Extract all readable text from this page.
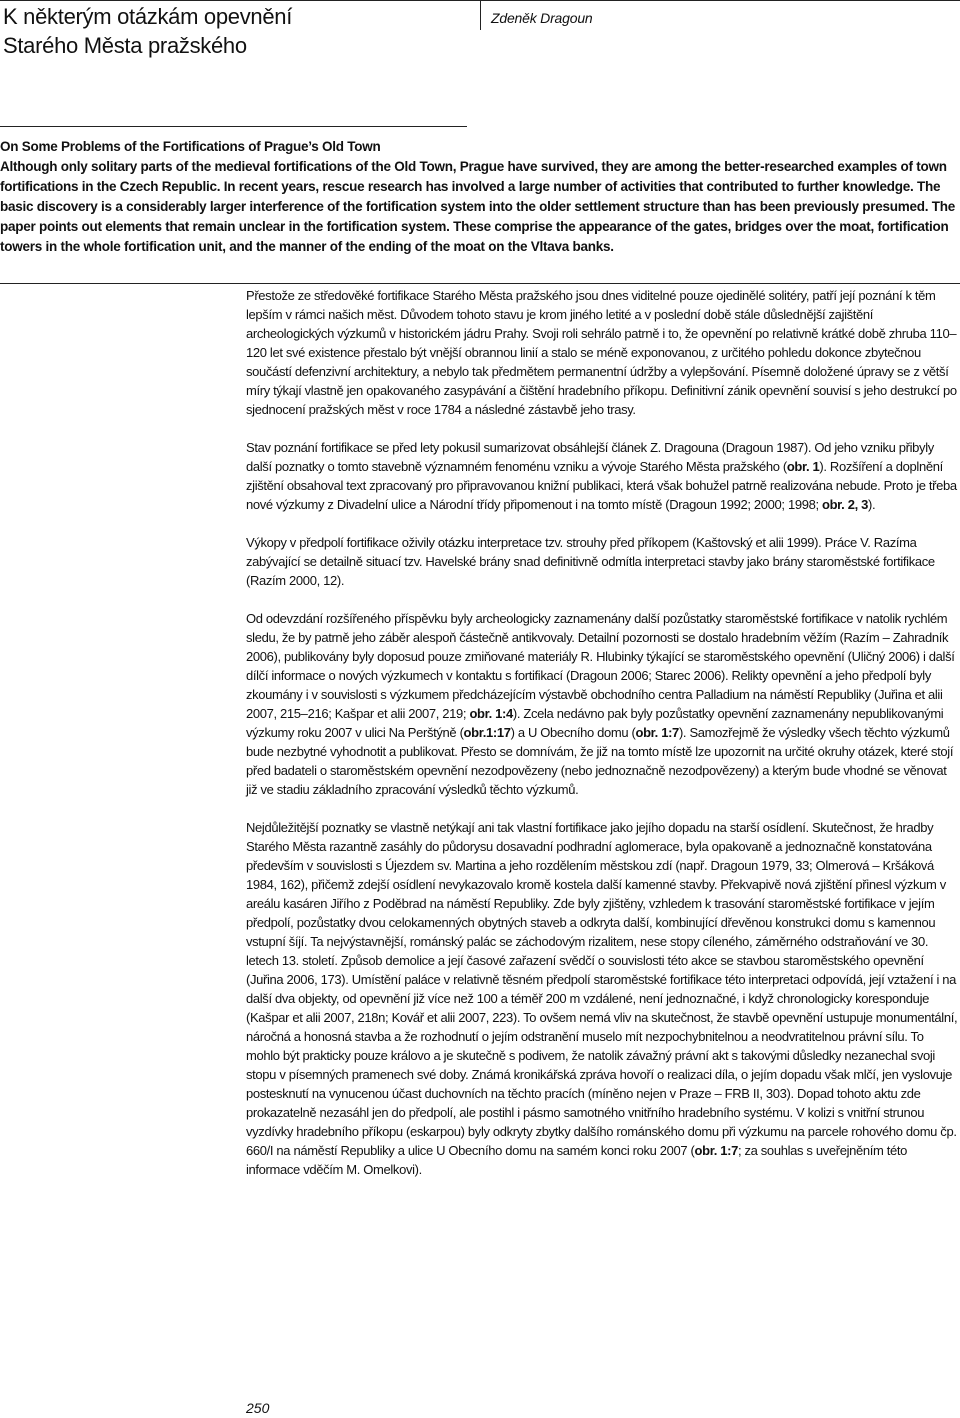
K některým otázkám opevnění
Starého Města pražského
Zdeněk Dragoun
On Some Problems of the Fortifications of Prague’s Old Town
Although only solitary parts of the medieval fortifications of the Old Town, Prague have survived, they are among the better-researched examples of town fortifications in the Czech Republic. In recent years, rescue research has involved a large number of activities that contributed to further knowledge. The basic discovery is a considerably larger interference of the fortification system into the older settlement structure than has been previously presumed. The paper points out elements that remain unclear in the fortification system. These comprise the appearance of the gates, bridges over the moat, fortification towers in the whole fortification unit, and the manner of the ending of the moat on the Vltava banks.

Přestože ze středověké fortifikace Starého Města pražského jsou dnes viditelné pouze ojedinělé solitéry, patří její poznání k těm lepším v rámci našich měst. Důvodem tohoto stavu je krom jiného letité a v poslední době stále důslednější zajištění archeologických výzkumů v historickém jádru Prahy. Svoji roli sehrálo patrně i to, že opevnění po relativně krátké době zhruba 110–120 let své existence přestalo být vnější obrannou linií a stalo se méně exponovanou, z určitého pohledu dokonce zbytečnou součástí defenzivní architektury, a nebylo tak předmětem permanentní údržby a vylepšování. Písemně doložené úpravy se z větší míry týkají vlastně jen opakovaného zasypávání a čištění hradebního příkopu. Definitivní zánik opevnění souvisí s jeho destrukcí po sjednocení pražských měst v roce 1784 a následné zástavbě jeho trasy.

Stav poznání fortifikace se před lety pokusil sumarizovat obsáhlejší článek Z. Dragouna (Dragoun 1987). Od jeho vzniku přibyly další poznatky o tomto stavebně významném fenoménu vzniku a vývoje Starého Města pražského (obr. 1). Rozšíření a doplnění zjištění obsahoval text zpracovaný pro připravovanou knižní publikaci, která však bohužel patrně realizována nebude. Proto je třeba nové výzkumy z Divadelní ulice a Národní třídy připomenout i na tomto místě (Dragoun 1992; 2000; 1998; obr. 2, 3).

Výkopy v předpolí fortifikace oživily otázku interpretace tzv. strouhy před příkopem (Kaštovský et alii 1999). Práce V. Razíma zabývající se detailně situací tzv. Havelské brány snad definitivně odmítla interpretaci stavby jako brány staroměstské fortifikace (Razím 2000, 12).

Od odevzdání rozšířeného příspěvku byly archeologicky zaznamenány další pozůstatky staroměstské fortifikace v natolik rychlém sledu, že by patrně jeho záběr alespoň částečně antikvovaly. Detailní pozornosti se dostalo hradebním věžím (Razím – Zahradník 2006), publikovány byly doposud pouze zmiňované materiály R. Hlubinky týkající se staroměstského opevnění (Uličný 2006) i další dílčí informace o nových výzkumech v kontaktu s fortifikací (Dragoun 2006; Starec 2006). Relikty opevnění a jeho předpolí byly zkoumány i v souvislosti s výzkumem předcházejícím výstavbě obchodního centra Palladium na náměstí Republiky (Juřina et alii 2007, 215–216; Kašpar et alii 2007, 219; obr. 1:4). Zcela nedávno pak byly pozůstatky opevnění zaznamenány nepublikovanými výzkumy roku 2007 v ulici Na Perštýně (obr.1:17) a U Obecního domu (obr. 1:7). Samozřejmě že výsledky všech těchto výzkumů bude nezbytné vyhodnotit a publikovat. Přesto se domnívám, že již na tomto místě lze upozornit na určité okruhy otázek, které stojí před badateli o staroměstském opevnění nezodpovězeny (nebo jednoznačně nezodpovězeny) a kterým bude vhodné se věnovat již ve stadiu základního zpracování výsledků těchto výzkumů.

Nejdůležitější poznatky se vlastně netýkají ani tak vlastní fortifikace jako jejího dopadu na starší osídlení. Skutečnost, že hradby Starého Města razantně zasáhly do půdorysu dosavadní podhradní aglomerace, byla opakovaně a jednoznačně konstatována především v souvislosti s Újezdem sv. Martina a jeho rozdělením městskou zdí (např. Dragoun 1979, 33; Olmerová – Kršáková 1984, 162), přičemž zdejší osídlení nevykazovalo kromě kostela další kamenné stavby. Překvapivě nová zjištění přinesl výzkum v areálu kasáren Jiřího z Poděbrad na náměstí Republiky. Zde byly zjištěny, vzhledem k trasování staroměstské fortifikace v jejím předpolí, pozůstatky dvou celokamenných obytných staveb a odkryta další, kombinující dřevěnou konstrukci domu s kamennou vstupní šíjí. Ta nejvýstavnější, románský palác se záchodovým rizalitem, nese stopy cíleného, záměrného odstraňování ve 30. letech 13. století. Způsob demolice a její časové zařazení svědčí o souvislosti této akce se stavbou staroměstského opevnění (Juřina 2006, 173). Umístění paláce v relativně těsném předpolí staroměstské fortifikace této interpretaci odpovídá, její vztažení i na další dva objekty, od opevnění již více než 100 a téměř 200 m vzdálené, není jednoznačné, i když chronologicky koresponduje (Kašpar et alii 2007, 218n; Kovář et alii 2007, 223). To ovšem nemá vliv na skutečnost, že stavbě opevnění ustupuje monumentální, náročná a honosná stavba a že rozhodnutí o jejím odstranění muselo mít nezpochybnitelnou a neodvratitelnou právní sílu. To mohlo být prakticky pouze královo a je skutečně s podivem, že natolik závažný právní akt s takovými důsledky nezanechal svoji stopu v písemných pramenech své doby. Známá kronikářská zpráva hovoří o realizaci díla, o jejím dopadu však mlčí, jen vyslovuje postesknutí na vynucenou účast duchovních na těchto pracích (míněno nejen v Praze – FRB II, 303). Dopad tohoto aktu zde prokazatelně nezasáhl jen do předpolí, ale postihl i pásmo samotného vnitřního hradebního systému. V kolizi s vnitřní strunou vyzdívky hradebního příkopu (eskarpou) byly odkryty zbytky dalšího románského domu při výzkumu na parcele rohového domu čp. 660/I na náměstí Republiky a ulice U Obecního domu na samém konci roku 2007 (obr. 1:7; za souhlas s uveřejněním této informace vděčím M. Omelkovi).

250
